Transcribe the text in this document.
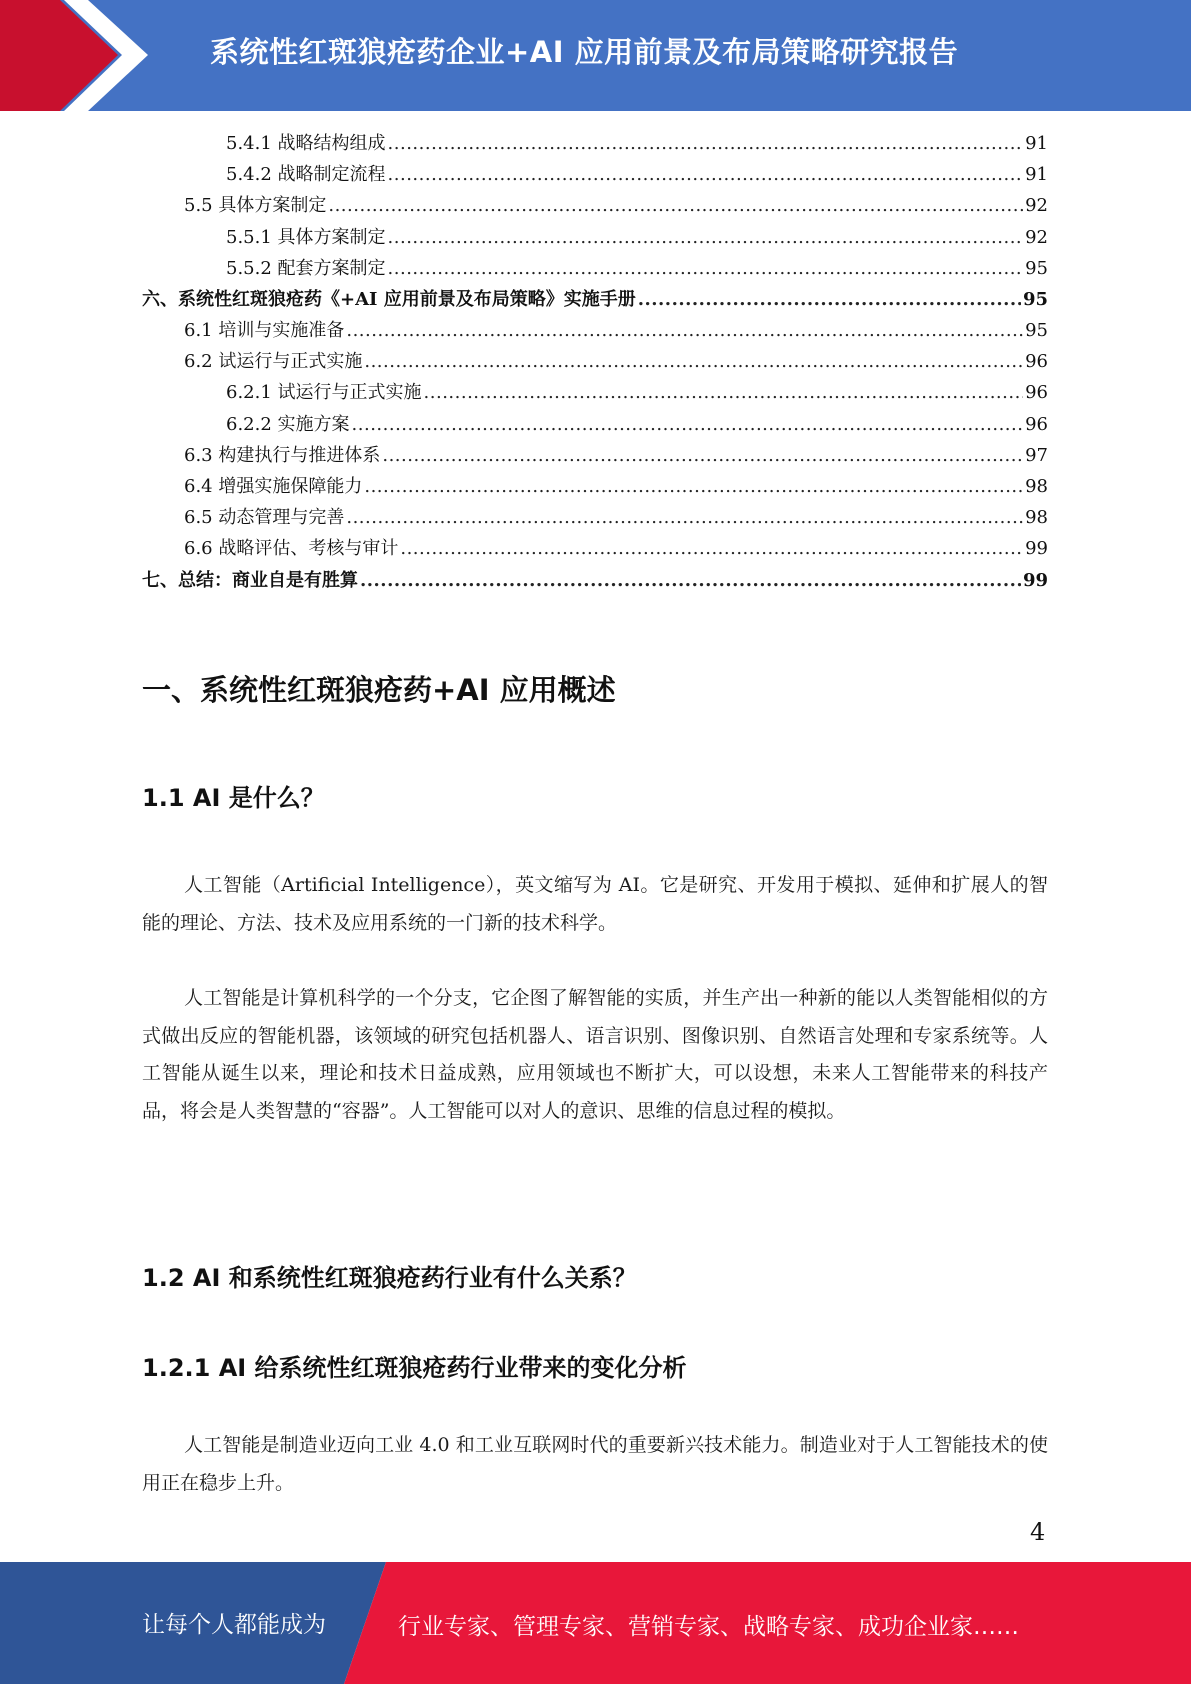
系统性红斑狼疮药企业+AI 应用前景及布局策略研究报告
5.4.1 战略结构组成 .....	91
5.4.2 战略制定流程 .....	91
5.5 具体方案制定 .....	92
5.5.1 具体方案制定 .....	92
5.5.2 配套方案制定 .....	95
六、系统性红斑狼疮药《+AI 应用前景及布局策略》实施手册 .....	95
6.1 培训与实施准备 .....	95
6.2 试运行与正式实施 .....	96
6.2.1 试运行与正式实施 .....	96
6.2.2 实施方案 .....	96
6.3 构建执行与推进体系 .....	97
6.4 增强实施保障能力 .....	98
6.5 动态管理与完善 .....	98
6.6 战略评估、考核与审计 .....	99
七、总结：商业自是有胜算 .....	99
一、系统性红斑狼疮药+AI 应用概述
1.1 AI 是什么？
人工智能（Artificial Intelligence），英文缩写为 AI。它是研究、开发用于模拟、延伸和扩展人的智能的理论、方法、技术及应用系统的一门新的技术科学。
人工智能是计算机科学的一个分支，它企图了解智能的实质，并生产出一种新的能以人类智能相似的方式做出反应的智能机器，该领域的研究包括机器人、语言识别、图像识别、自然语言处理和专家系统等。人工智能从诞生以来，理论和技术日益成熟，应用领域也不断扩大，可以设想，未来人工智能带来的科技产品，将会是人类智慧的“容器”。人工智能可以对人的意识、思维的信息过程的模拟。
1.2 AI 和系统性红斑狼疮药行业有什么关系？
1.2.1 AI 给系统性红斑狼疮药行业带来的变化分析
人工智能是制造业迈向工业 4.0 和工业互联网时代的重要新兴技术能力。制造业对于人工智能技术的使用正在稳步上升。
4
让每个人都能成为	行业专家、管理专家、营销专家、战略专家、成功企业家……
